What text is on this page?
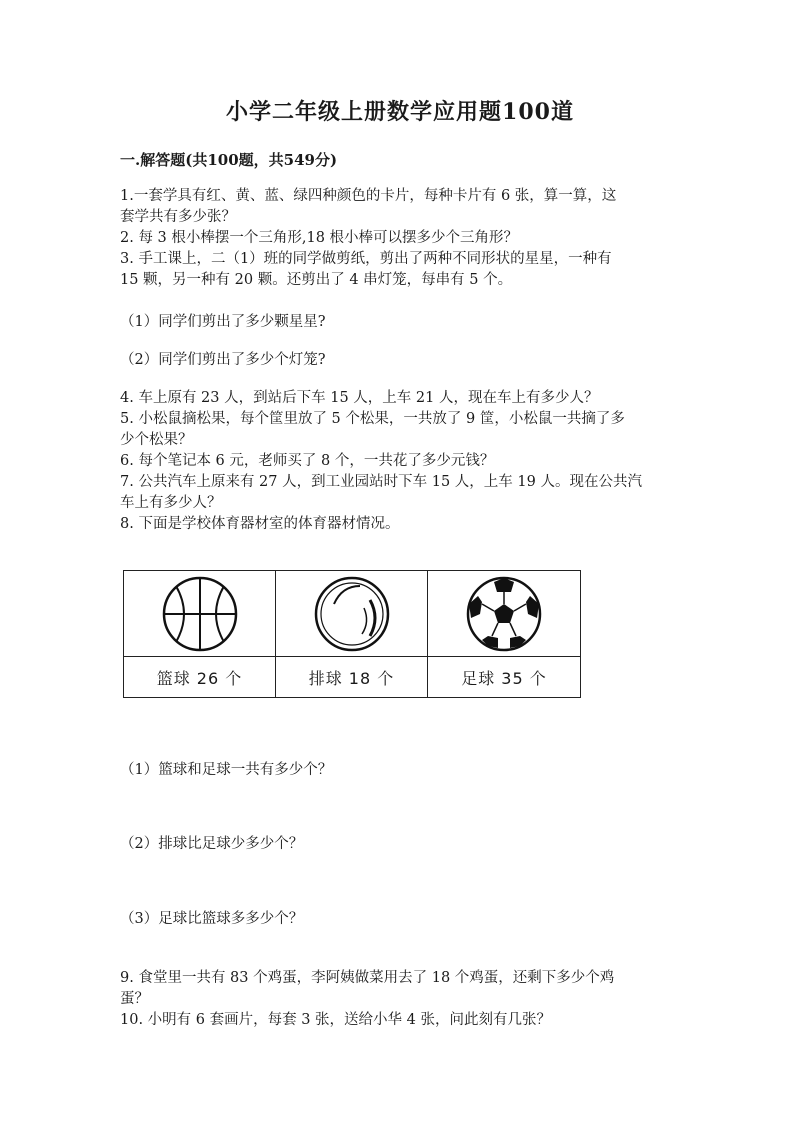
小学二年级上册数学应用题100道
一.解答题(共100题，共549分)
1.一套学具有红、黄、蓝、绿四种颜色的卡片，每种卡片有 6 张，算一算，这
套学共有多少张？
2. 每 3 根小棒摆一个三角形,18 根小棒可以摆多少个三角形？
3. 手工课上，二（1）班的同学做剪纸，剪出了两种不同形状的星星，一种有
15 颗，另一种有 20 颗。还剪出了 4 串灯笼，每串有 5 个。
（1）同学们剪出了多少颗星星?
（2）同学们剪出了多少个灯笼?
4. 车上原有 23 人，到站后下车 15 人，上车 21 人，现在车上有多少人？
5. 小松鼠摘松果，每个筐里放了 5 个松果，一共放了 9 筐，小松鼠一共摘了多
少个松果？
6. 每个笔记本 6 元，老师买了 8 个，一共花了多少元钱？
7. 公共汽车上原来有 27 人，到工业园站时下车 15 人，上车 19 人。现在公共汽
车上有多少人？
8. 下面是学校体育器材室的体育器材情况。
篮球 26 个	排球 18 个	足球 35 个
（1）篮球和足球一共有多少个？
（2）排球比足球少多少个？
（3）足球比篮球多多少个？
9. 食堂里一共有 83 个鸡蛋，李阿姨做菜用去了 18 个鸡蛋，还剩下多少个鸡
蛋？
10. 小明有 6 套画片，每套 3 张，送给小华 4 张，问此刻有几张？
